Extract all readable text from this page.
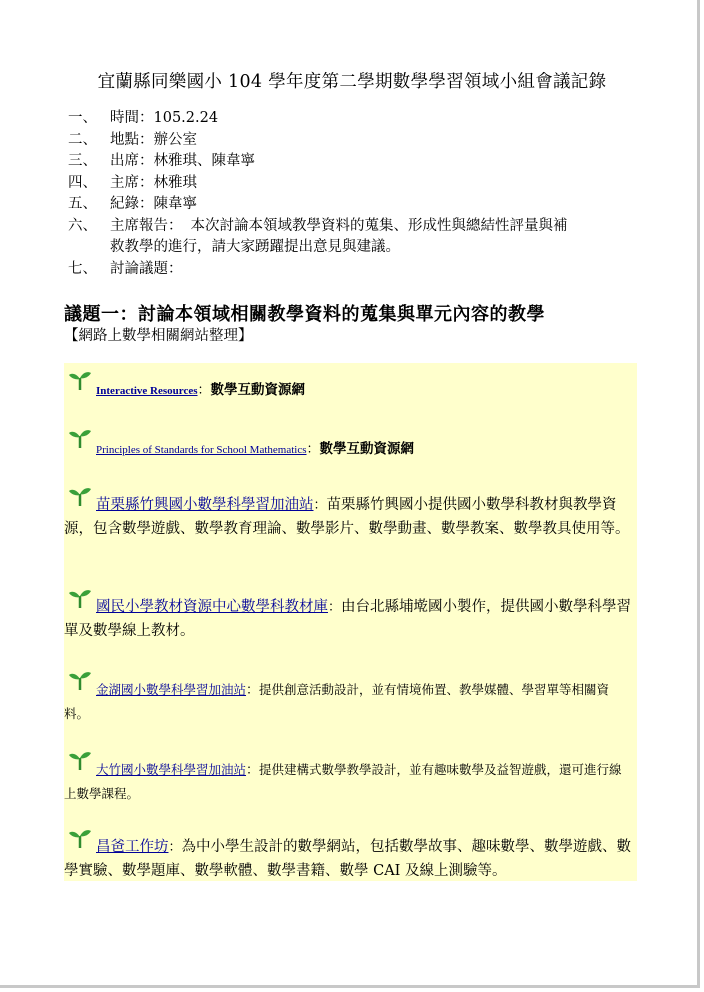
宜蘭縣同樂國小 104 學年度第二學期數學學習領域小組會議記錄
一、 時間： 105.2.24
二、 地點： 辦公室
三、 出席： 林雅琪、陳韋寧
四、 主席： 林雅琪
五、 紀錄： 陳韋寧
六、 主席報告： 本次討論本領域教學資料的蒐集、形成性與總結性評量與補
救教學的進行，請大家踴躍提出意見與建議。
七、 討論議題：
議題一：討論本領域相關教學資料的蒐集與單元內容的教學
【網路上數學相關網站整理】
Interactive Resources：數學互動資源網
Principles of Standards for School Mathematics：數學互動資源網
苗栗縣竹興國小數學科學習加油站：苗栗縣竹興國小提供國小數學科教材與教學資源，包含數學遊戲、數學教育理論、數學影片、數學動畫、數學教案、數學教具使用等。
國民小學教材資源中心數學科教材庫：由台北縣埔墘國小製作，提供國小數學科學習單及數學線上教材。
金湖國小數學科學習加油站：提供創意活動設計，並有情境佈置、教學媒體、學習單等相關資料。
大竹國小數學科學習加油站：提供建構式數學教學設計，並有趣味數學及益智遊戲，還可進行線上數學課程。
昌爸工作坊：為中小學生設計的數學網站，包括數學故事、趣味數學、數學遊戲、數學實驗、數學題庫、數學軟體、數學書籍、數學 CAI 及線上測驗等。
